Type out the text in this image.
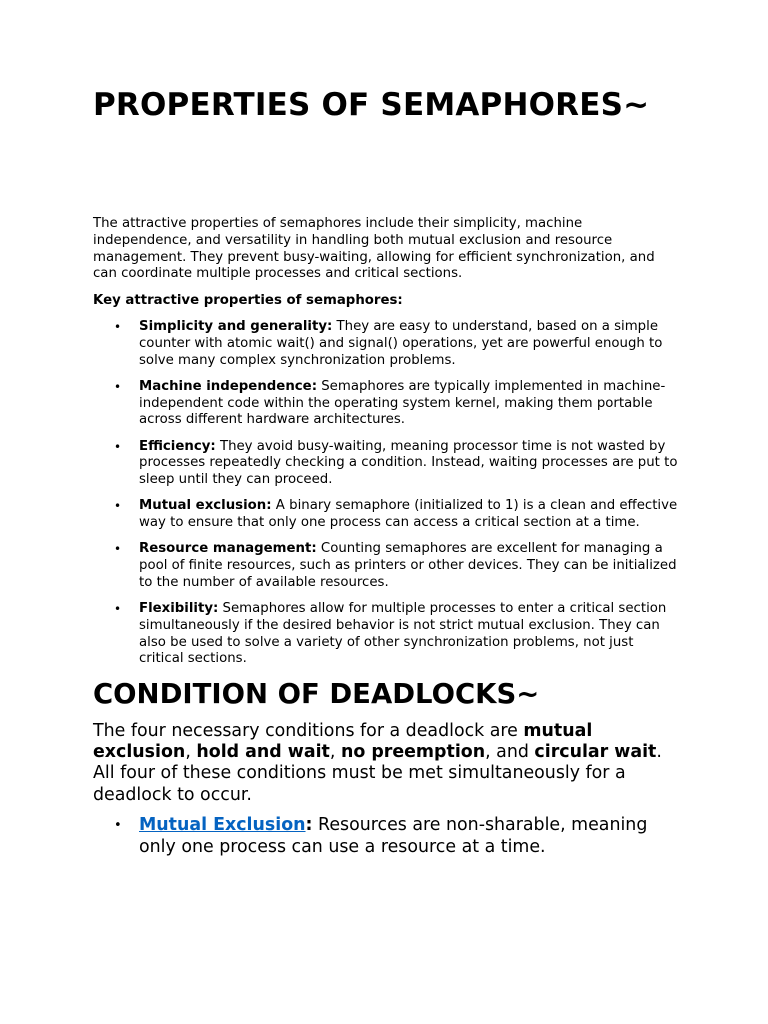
PROPERTIES OF SEMAPHORES~

The attractive properties of semaphores include their simplicity, machine independence, and versatility in handling both mutual exclusion and resource management. They prevent busy-waiting, allowing for efficient synchronization, and can coordinate multiple processes and critical sections.

Key attractive properties of semaphores:

• Simplicity and generality: They are easy to understand, based on a simple counter with atomic wait() and signal() operations, yet are powerful enough to solve many complex synchronization problems.
• Machine independence: Semaphores are typically implemented in machine-independent code within the operating system kernel, making them portable across different hardware architectures.
• Efficiency: They avoid busy-waiting, meaning processor time is not wasted by processes repeatedly checking a condition. Instead, waiting processes are put to sleep until they can proceed.
• Mutual exclusion: A binary semaphore (initialized to 1) is a clean and effective way to ensure that only one process can access a critical section at a time.
• Resource management: Counting semaphores are excellent for managing a pool of finite resources, such as printers or other devices. They can be initialized to the number of available resources.
• Flexibility: Semaphores allow for multiple processes to enter a critical section simultaneously if the desired behavior is not strict mutual exclusion. They can also be used to solve a variety of other synchronization problems, not just critical sections.
CONDITION OF DEADLOCKS~

The four necessary conditions for a deadlock are mutual exclusion, hold and wait, no preemption, and circular wait. All four of these conditions must be met simultaneously for a deadlock to occur.

• Mutual Exclusion: Resources are non-sharable, meaning only one process can use a resource at a time.
